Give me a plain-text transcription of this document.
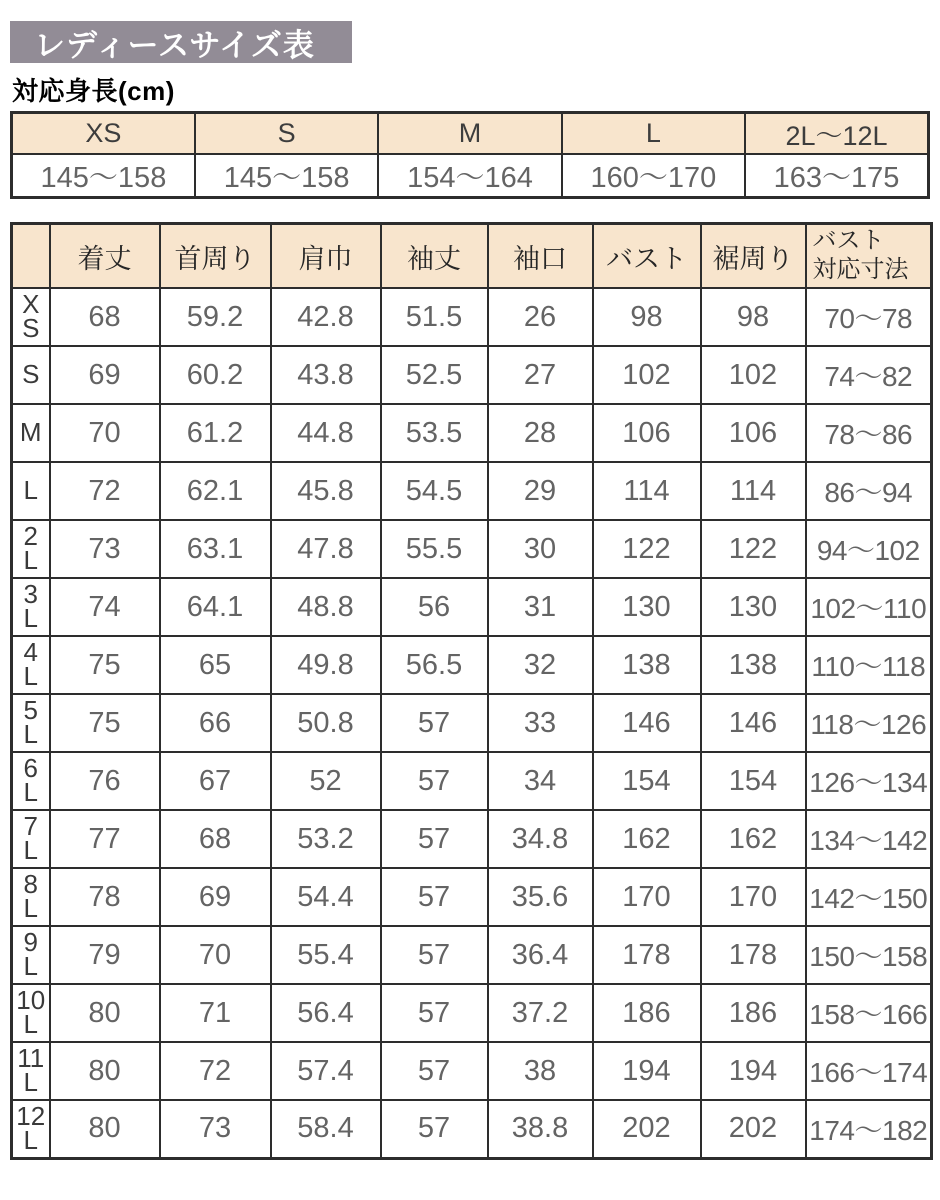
レディースサイズ表
対応身長(cm)
XS	S	M	L	2L〜12L
145〜158	145〜158	154〜164	160〜170	163〜175
	着丈	首周り	肩巾	袖丈	袖口	バスト	裾周り	バスト
対応寸法

X
S	68	59.2	42.8	51.5	26	98	98	70〜78

S	69	60.2	43.8	52.5	27	102	102	74〜82

M	70	61.2	44.8	53.5	28	106	106	78〜86

L	72	62.1	45.8	54.5	29	114	114	86〜94

2
L	73	63.1	47.8	55.5	30	122	122	94〜102

3
L	74	64.1	48.8	56	31	130	130	102〜110

4
L	75	65	49.8	56.5	32	138	138	110〜118

5
L	75	66	50.8	57	33	146	146	118〜126

6
L	76	67	52	57	34	154	154	126〜134

7
L	77	68	53.2	57	34.8	162	162	134〜142

8
L	78	69	54.4	57	35.6	170	170	142〜150

9
L	79	70	55.4	57	36.4	178	178	150〜158

10
L	80	71	56.4	57	37.2	186	186	158〜166

11
L	80	72	57.4	57	38	194	194	166〜174

12
L	80	73	58.4	57	38.8	202	202	174〜182
